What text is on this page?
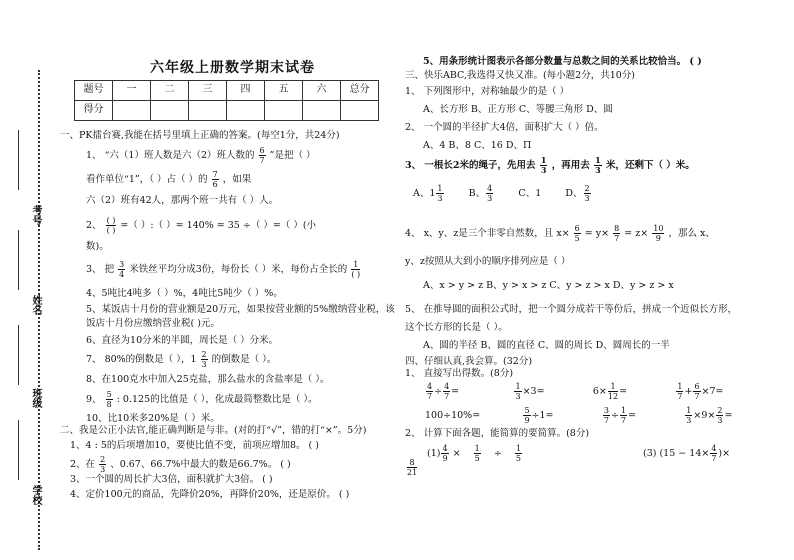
考号
姓名
班级
学校
六年级上册数学期末试卷
题号	一	二	三	四	五	六	总分
得分							
一、PK擂台赛,我能在括号里填上正确的答案。(每空1分，共24分)
1、 “六（1）班人数是六（2）班人数的 $\frac{6}{7}$ ”是把（ ）
看作单位“1”，（ ）占（ ）的 $\frac{7}{6}$ ，如果
六（2）班有42人，那两个班一共有（ ）人。
2、 $\frac{( )}{( )}$ =（ ）:（ ）= 140% = 35 ÷（ ）=（ ）(小
数)。
3、 把 $\frac{3}{4}$ 米铁丝平均分成3份，每份长（ ）米，每份占全长的 $\frac{1}{( )}$
4、5吨比4吨多（ ）%，4吨比5吨少（ ）%。
5、某饭店十月份的营业额是20万元，如果按营业额的5%缴纳营业税，该
饭店十月份应缴纳营业税( )元。
6、直径为10分米的半圆，周长是（ ）分米。
7、 80%的倒数是（ ），$1 \frac{2}{3}$ 的倒数是（ ）。
8、在100克水中加入25克盐，那么盐水的含盐率是（ ）。
9、 $\frac{5}{8}$ : 0.125的比值是（ ），化成最简整数比是（ ）。
10、比10米多20%是（ ）米。
二、我是公正小法官,能正确判断是与非。(对的打“√”，错的打“×”。5分)
1、4 : 5的后项增加10，要使比值不变，前项应增加8。 ( )
2、在 $\frac{2}{3}$ 、0.67、66.7%中最大的数是66.7%。 ( )
3、一个圆的周长扩大3倍，面积就扩大3倍。 ( )
4、定价100元的商品，先降价20%，再降价20%，还是原价。 ( )
5、用条形统计图表示各部分数量与总数之间的关系比较恰当。 ( )
三、快乐ABC,我选得又快又准。(每小题2分，共10分)
1、 下列图形中，对称轴最少的是（ ）
A、长方形 B、正方形 C、等腰三角形 D、圆
2、 一个圆的半径扩大4倍，面积扩大（ ）倍。
A、4 B、8 C、16 D、Π
3、 一根长2米的绳子，先用去 $\frac{1}{3}$ ，再用去 $\frac{1}{3}$ 米，还剩下（ ）米。
A、$1 \frac{1}{3}$	B、 $\frac{4}{3}$	C、1	D、 $\frac{2}{3}$
4、 x、y、z是三个非零自然数，且 $x\times \frac{6}{5} = y\times \frac{8}{7} = z\times \frac{10}{9}$ ，那么 x、
y、z按照从大到小的顺序排列应是（ ）
A、x > y > z B、y > x > z C、y > z > x D、y > z > x
5、 在推导圆的面积公式时，把一个圆分成若干等份后，拼成一个近似长方形，
这个长方形的长是（ ）。
A、圆的半径 B、圆的直径 C、圆的周长 D、圆周长的一半
四、仔细认真,我会算。(32分)
1、 直接写出得数。(8分)
$\frac{4}{7} \div \frac{4}{7}$ =	$\frac{1}{3} \times 3=$	$6\times \frac{1}{12}$ =	$\frac{1}{7} + \frac{6}{7} \times 7=$
100÷10%=	$\frac{5}{9} \div 1=$	$\frac{3}{7} \div \frac{1}{7}$ =	$\frac{1}{3} \times 9\times \frac{2}{3}$ =
2、 计算下面各题，能简算的要简算。(8分)
$(1) \frac{4}{9} \times \frac{1}{5} \div \frac{1}{5}$	(3) ($15 - 14\times \frac{4}{7}$ )×
$\frac{8}{21}$
